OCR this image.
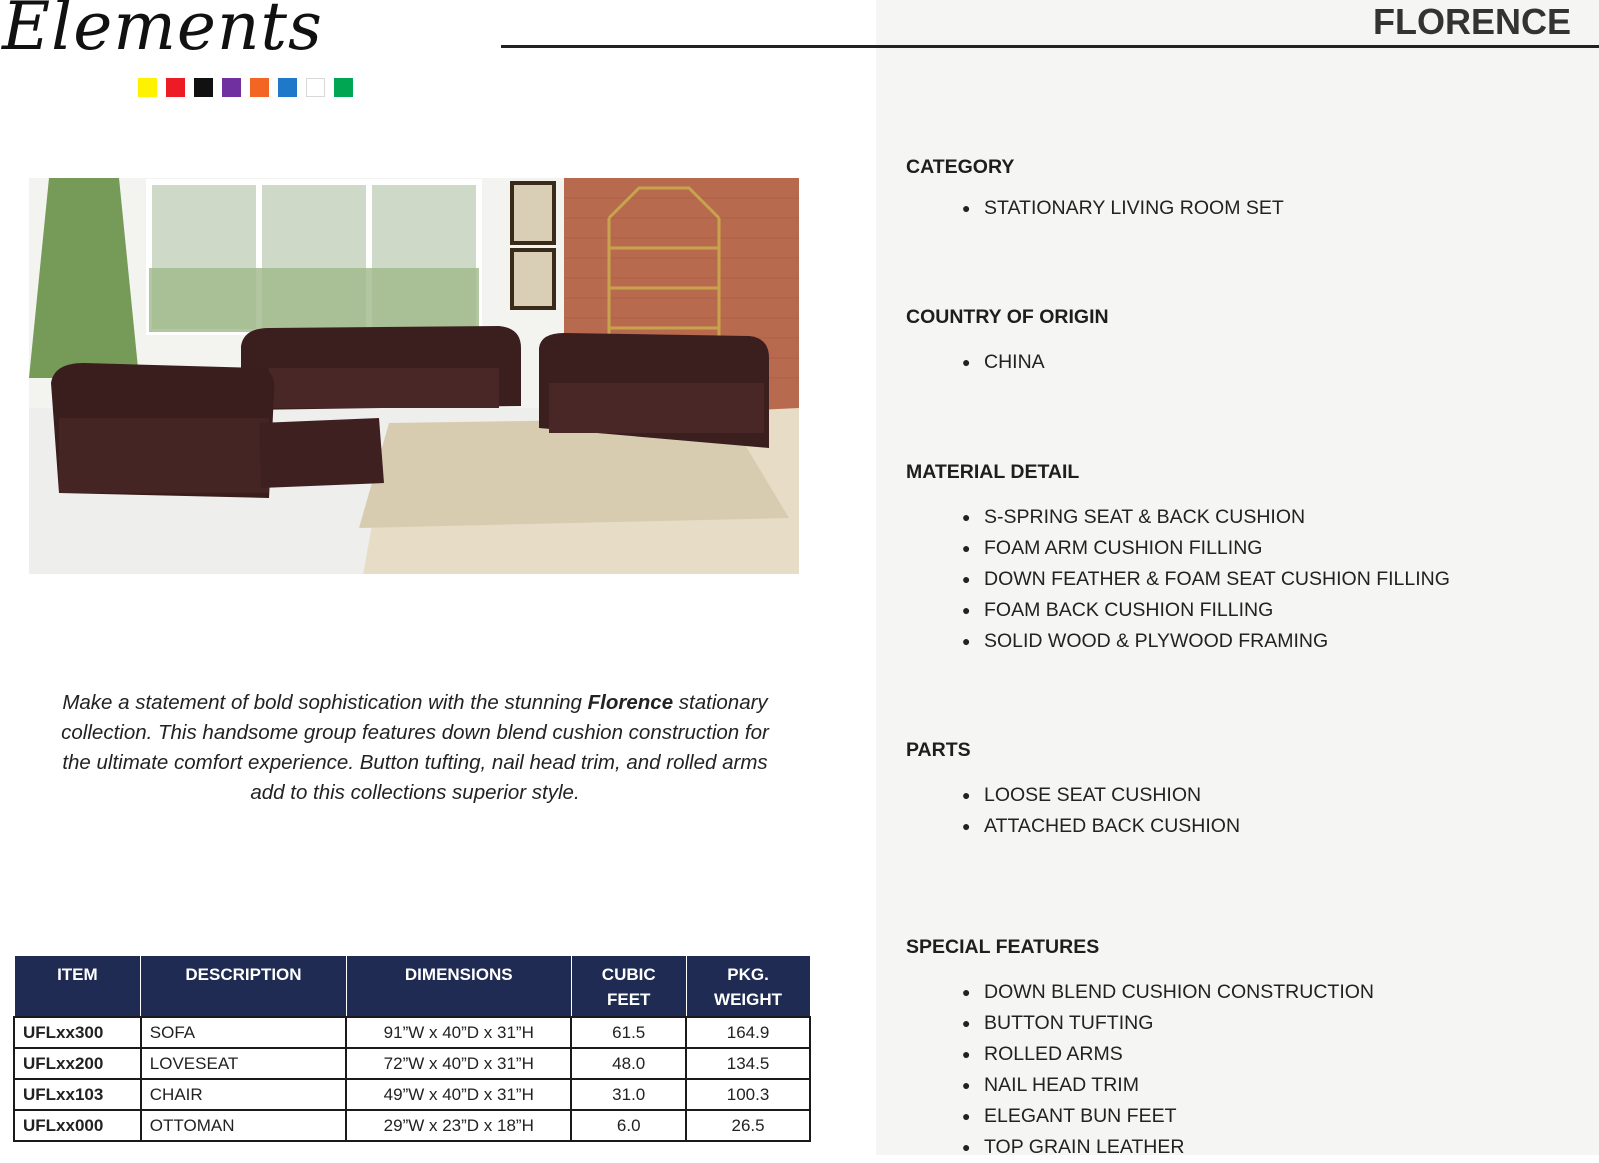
Elements	FLORENCE
Make a statement of bold sophistication with the stunning Florence stationary collection. This handsome group features down blend cushion construction for the ultimate comfort experience. Button tufting, nail head trim, and rolled arms add to this collections superior style.
ITEM	DESCRIPTION	DIMENSIONS	CUBIC FEET	PKG. WEIGHT
UFLxx300	SOFA	91”W x 40”D x 31”H	61.5	164.9
UFLxx200	LOVESEAT	72”W x 40”D x 31”H	48.0	134.5
UFLxx103	CHAIR	49”W x 40”D x 31”H	31.0	100.3
UFLxx000	OTTOMAN	29”W x 23”D x 18”H	6.0	26.5
CATEGORY
● STATIONARY LIVING ROOM SET
COUNTRY OF ORIGIN
● CHINA
MATERIAL DETAIL
● S-SPRING SEAT & BACK CUSHION
● FOAM ARM CUSHION FILLING
● DOWN FEATHER & FOAM SEAT CUSHION FILLING
● FOAM BACK CUSHION FILLING
● SOLID WOOD & PLYWOOD FRAMING
PARTS
● LOOSE SEAT CUSHION
● ATTACHED BACK CUSHION
SPECIAL FEATURES
● DOWN BLEND CUSHION CONSTRUCTION
● BUTTON TUFTING
● ROLLED ARMS
● NAIL HEAD TRIM
● ELEGANT BUN FEET
● TOP GRAIN LEATHER
